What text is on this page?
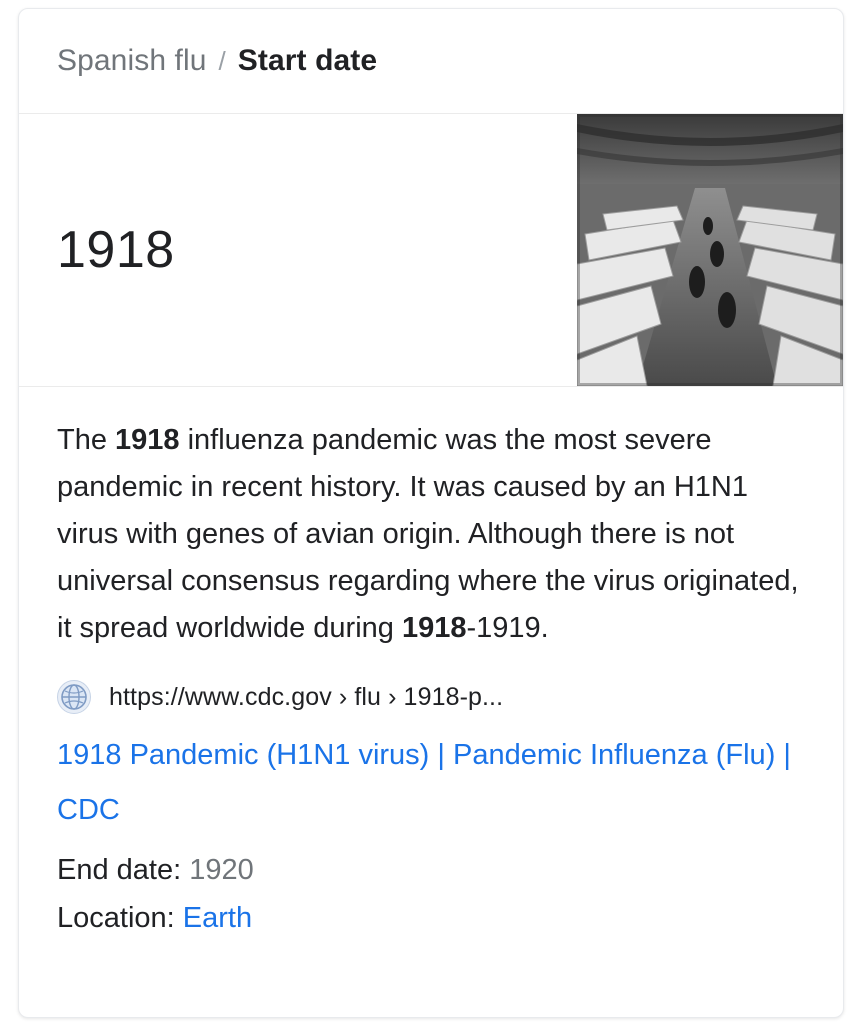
Spanish flu / Start date
1918
The 1918 influenza pandemic was the most severe pandemic in recent history. It was caused by an H1N1 virus with genes of avian origin. Although there is not universal consensus regarding where the virus originated, it spread worldwide during 1918-1919.
https://www.cdc.gov › flu › 1918-p...
1918 Pandemic (H1N1 virus) | Pandemic Influenza (Flu) | CDC
End date: 1920
Location: Earth
